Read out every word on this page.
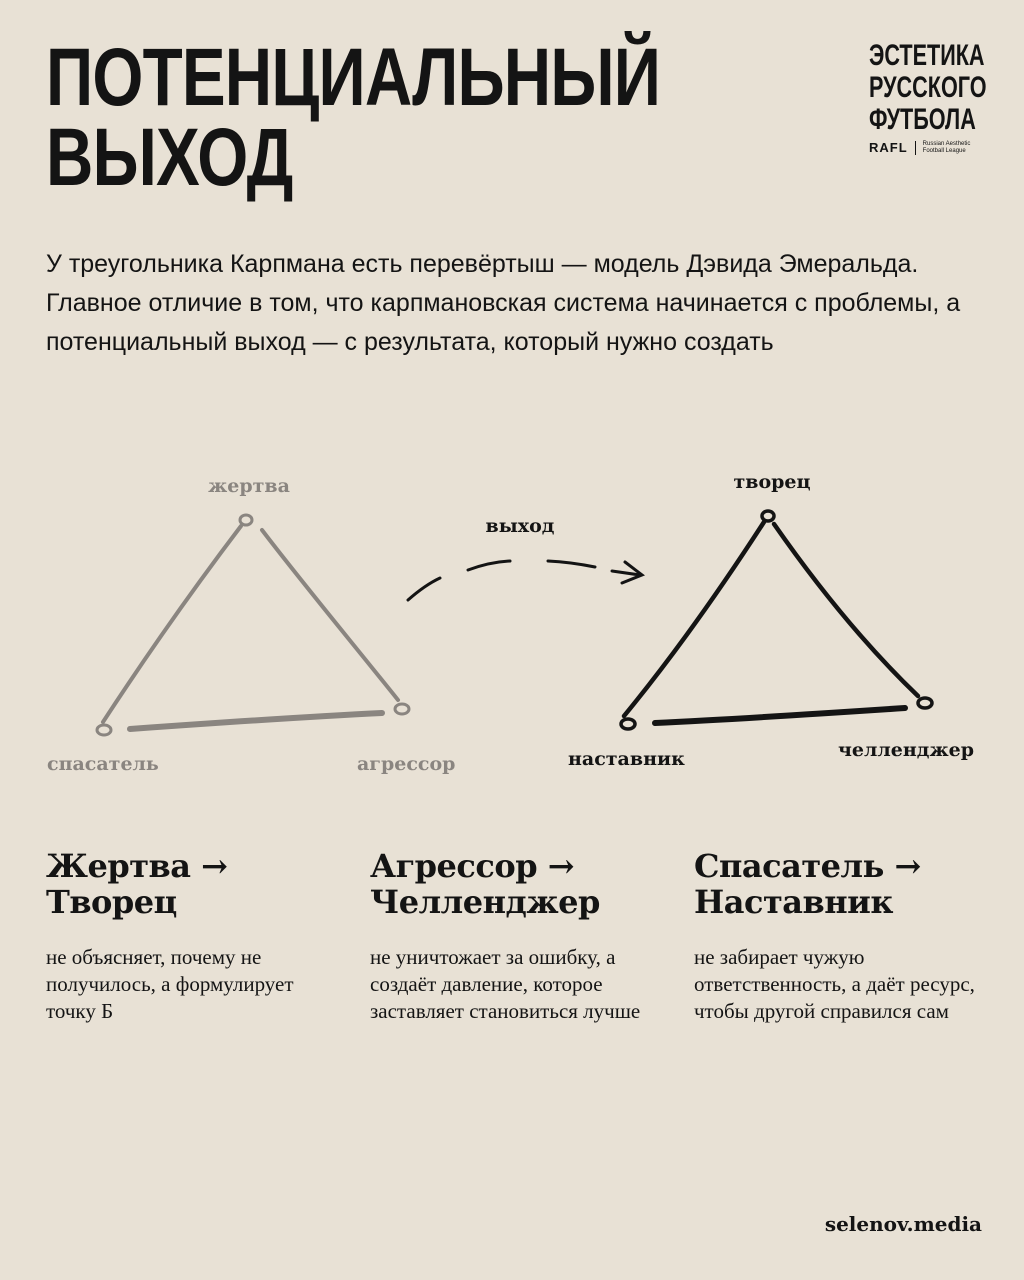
ПОТЕНЦИАЛЬНЫЙ
ВЫХОД
ЭСТЕТИКА
РУССКОГО
ФУТБОЛА
RAFL	Russian Aesthetic Football League

У треугольника Карпмана есть перевёртыш — модель Дэвида Эмеральда. Главное отличие в том, что карпмановская система начинается с проблемы, а потенциальный выход — с результата, который нужно создать

жертва
спасатель	агрессор
выход
творец
наставник	челленджер
Жертва →
Творец

не объясняет, почему не получилось, а формулирует точку Б

Агрессор →
Челленджер

не уничтожает за ошибку, а создаёт давление, которое заставляет становиться лучше

Спасатель →
Наставник

не забирает чужую ответственность, а даёт ресурс, чтобы другой справился сам

selenov.media
